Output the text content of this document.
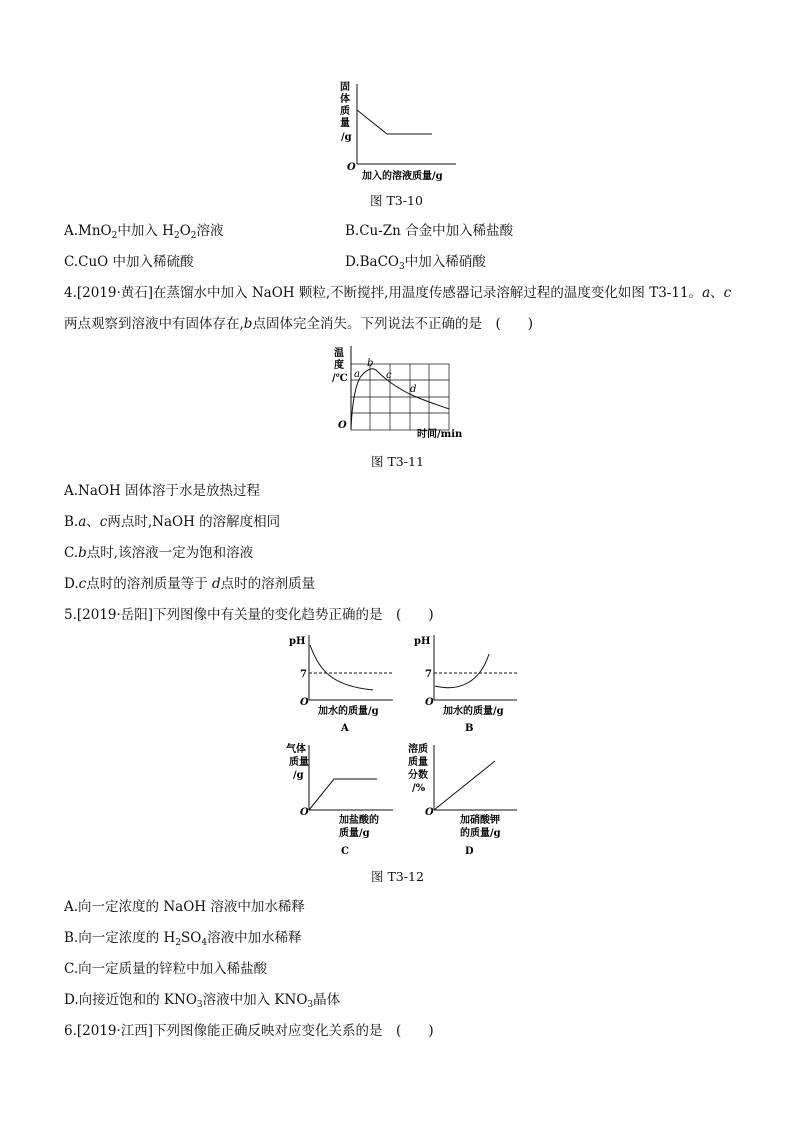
固
体
质
量
/g
O
加入的溶液质量/g
图 T3-10
A.MnO$_2$中加入 $H_2O_2$溶液	B.Cu-Zn 合金中加入稀盐酸
C.CuO 中加入稀硫酸	D.BaCO$_3$中加入稀硝酸
4.[2019·黄石]在蒸馏水中加入 NaOH 颗粒,不断搅拌,用温度传感器记录溶解过程的温度变化如图 T3-11。a、c
两点观察到溶液中有固体存在,b点固体完全消失。下列说法不正确的是　(　　)
温
度
/℃
O
时间/min
a
b
c
d
图 T3-11
A.NaOH 固体溶于水是放热过程
B.a、c两点时,NaOH 的溶解度相同
C.b点时,该溶液一定为饱和溶液
D.c点时的溶剂质量等于 d点时的溶剂质量
5.[2019·岳阳]下列图像中有关量的变化趋势正确的是　(　　)
pH
7
O
加水的质量/g
A
pH
7
O
加水的质量/g
B
气体
质量
/g
O
加盐酸的
质量/g
C
溶质
质量
分数
/%
O
加硝酸钾
的质量/g
D
图 T3-12
A.向一定浓度的 NaOH 溶液中加水稀释
B.向一定浓度的 $H_2SO_4$溶液中加水稀释
C.向一定质量的锌粒中加入稀盐酸
D.向接近饱和的 $KNO_3$溶液中加入 $KNO_3$晶体
6.[2019·江西]下列图像能正确反映对应变化关系的是　(　　)
